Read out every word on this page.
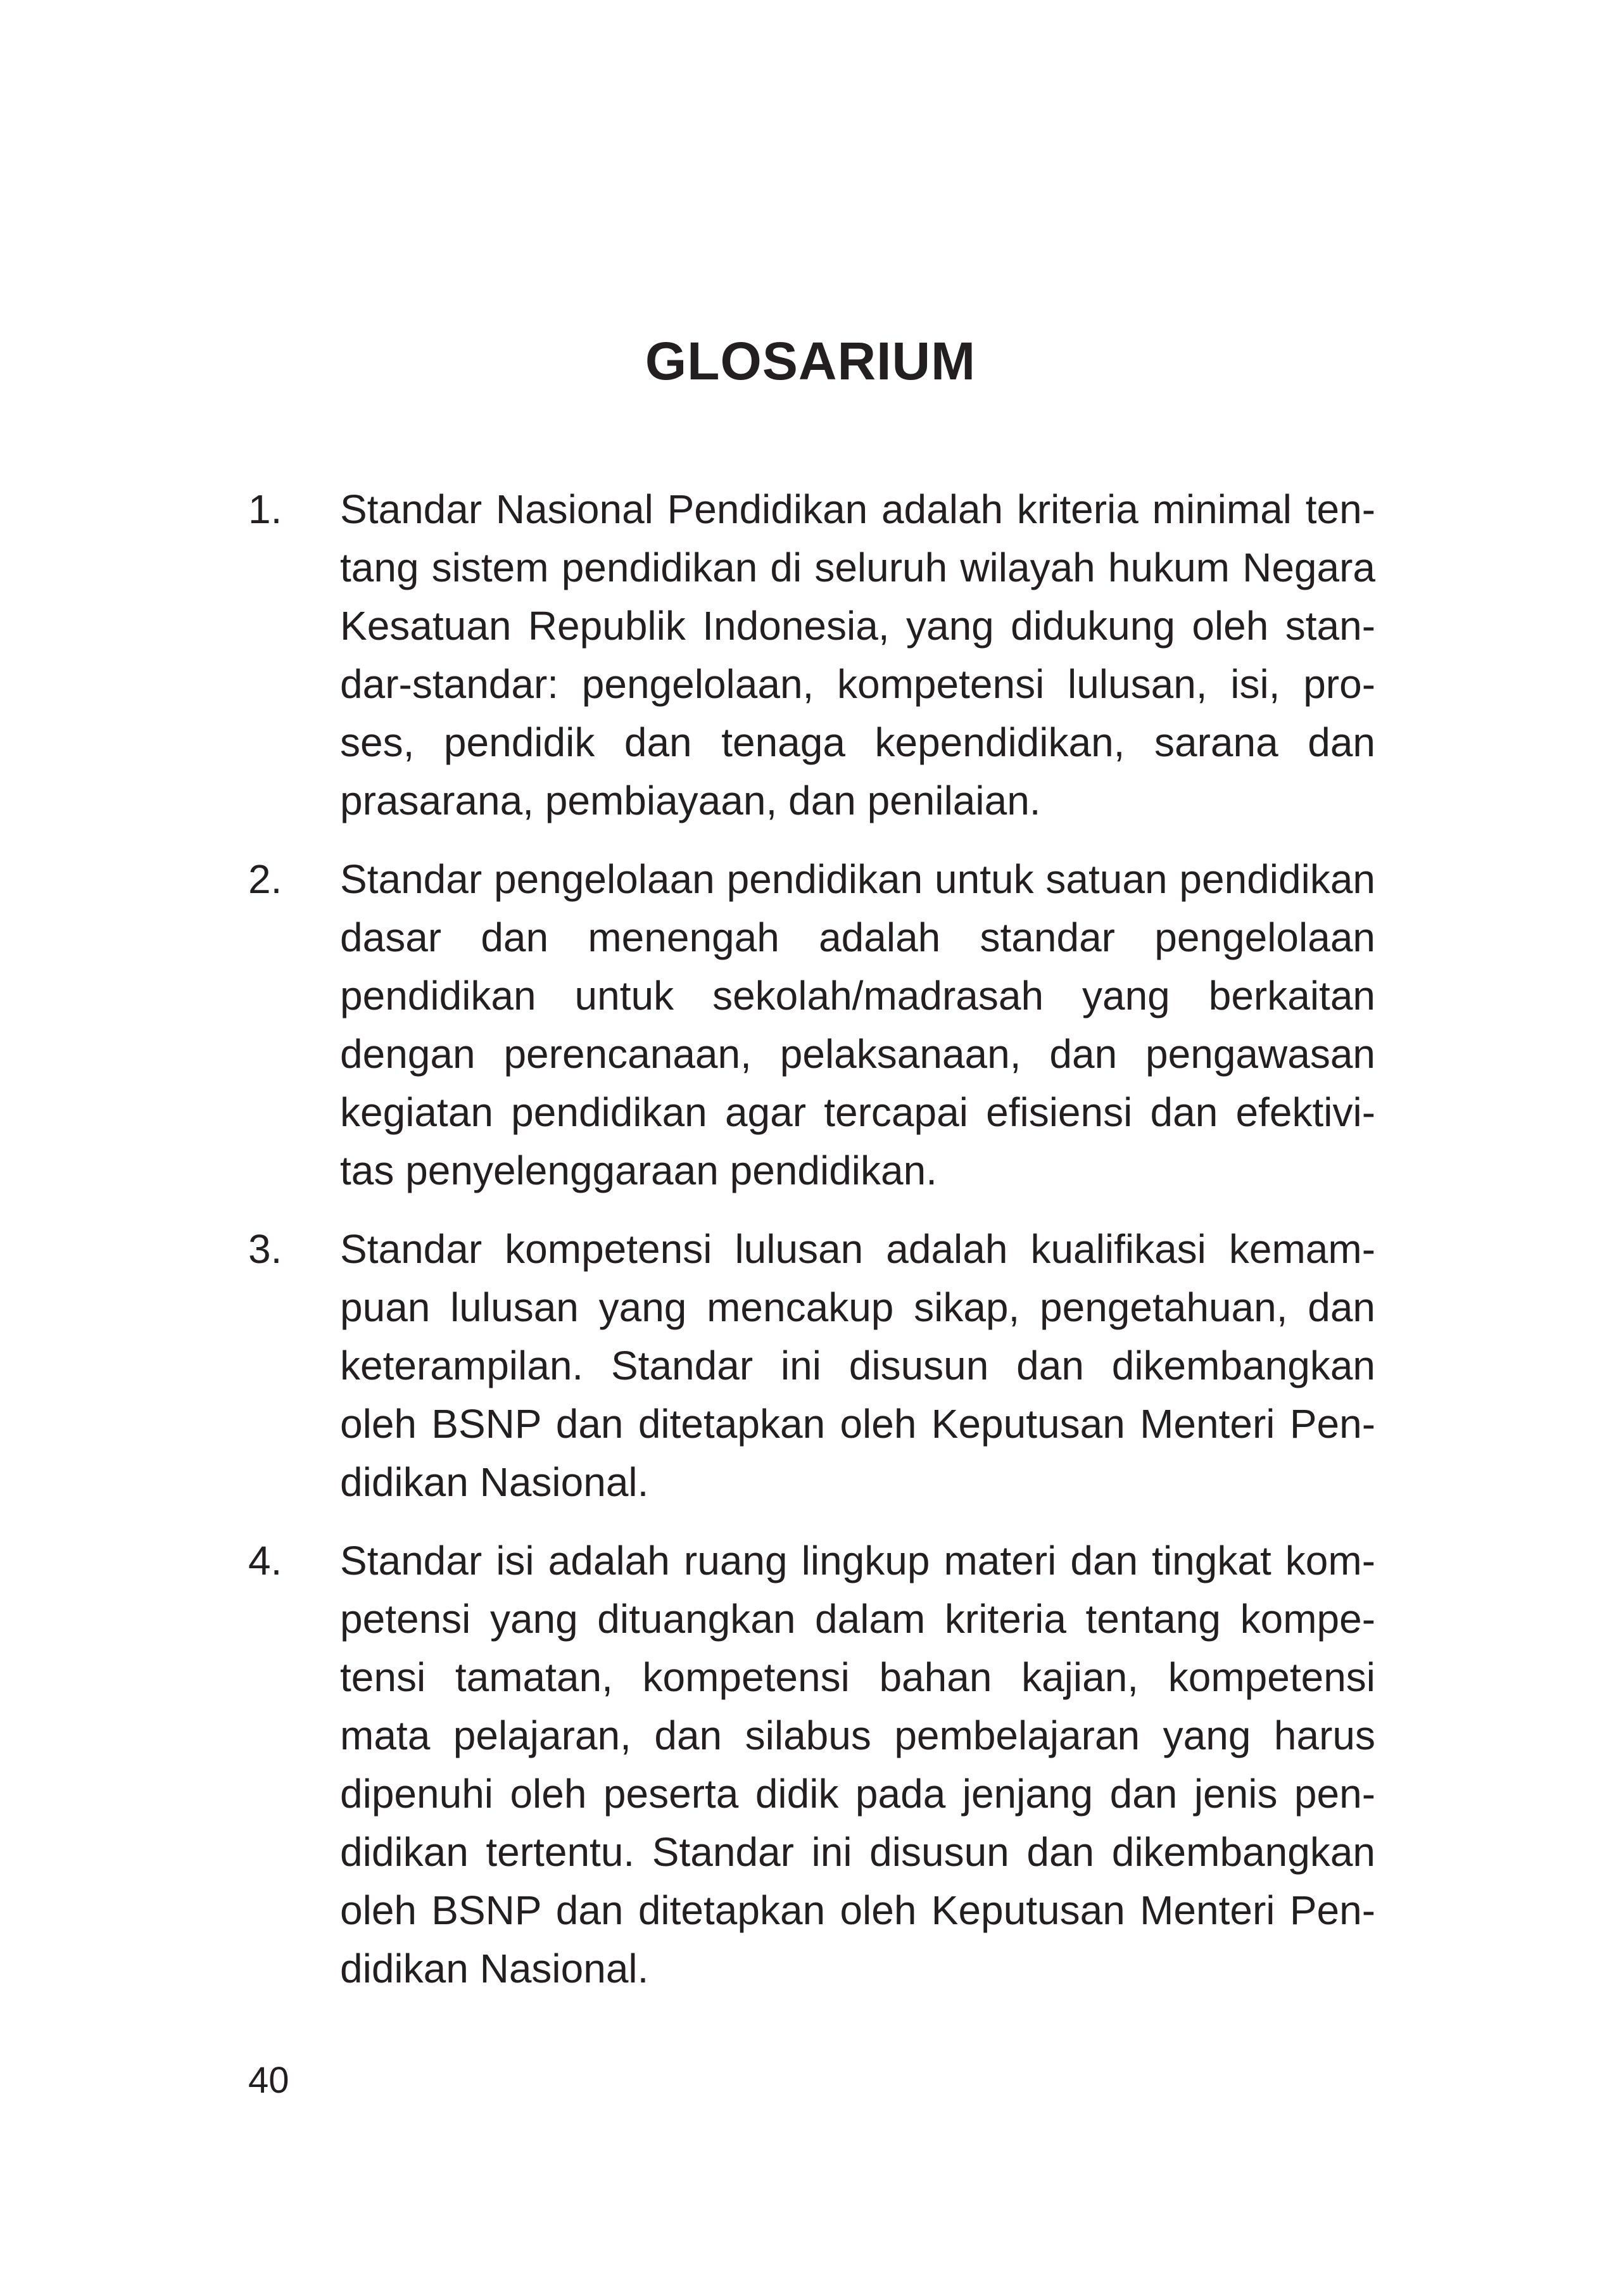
GLOSARIUM
1. Standar Nasional Pendidikan adalah kriteria minimal tentang sistem pendidikan di seluruh wilayah hukum Negara Kesatuan Republik Indonesia, yang didukung oleh standar-standar: pengelolaan, kompetensi lulusan, isi, proses, pendidik dan tenaga kependidikan, sarana dan prasarana, pembiayaan, dan penilaian.
2. Standar pengelolaan pendidikan untuk satuan pendidikan dasar dan menengah adalah standar pengelolaan pendidikan untuk sekolah/madrasah yang berkaitan dengan perencanaan, pelaksanaan, dan pengawasan kegiatan pendidikan agar tercapai efisiensi dan efektivitas penyelenggaraan pendidikan.
3. Standar kompetensi lulusan adalah kualifikasi kemampuan lulusan yang mencakup sikap, pengetahuan, dan keterampilan. Standar ini disusun dan dikembangkan oleh BSNP dan ditetapkan oleh Keputusan Menteri Pendidikan Nasional.
4. Standar isi adalah ruang lingkup materi dan tingkat kompetensi yang dituangkan dalam kriteria tentang kompetensi tamatan, kompetensi bahan kajian, kompetensi mata pelajaran, dan silabus pembelajaran yang harus dipenuhi oleh peserta didik pada jenjang dan jenis pendidikan tertentu. Standar ini disusun dan dikembangkan oleh BSNP dan ditetapkan oleh Keputusan Menteri Pendidikan Nasional.
40
